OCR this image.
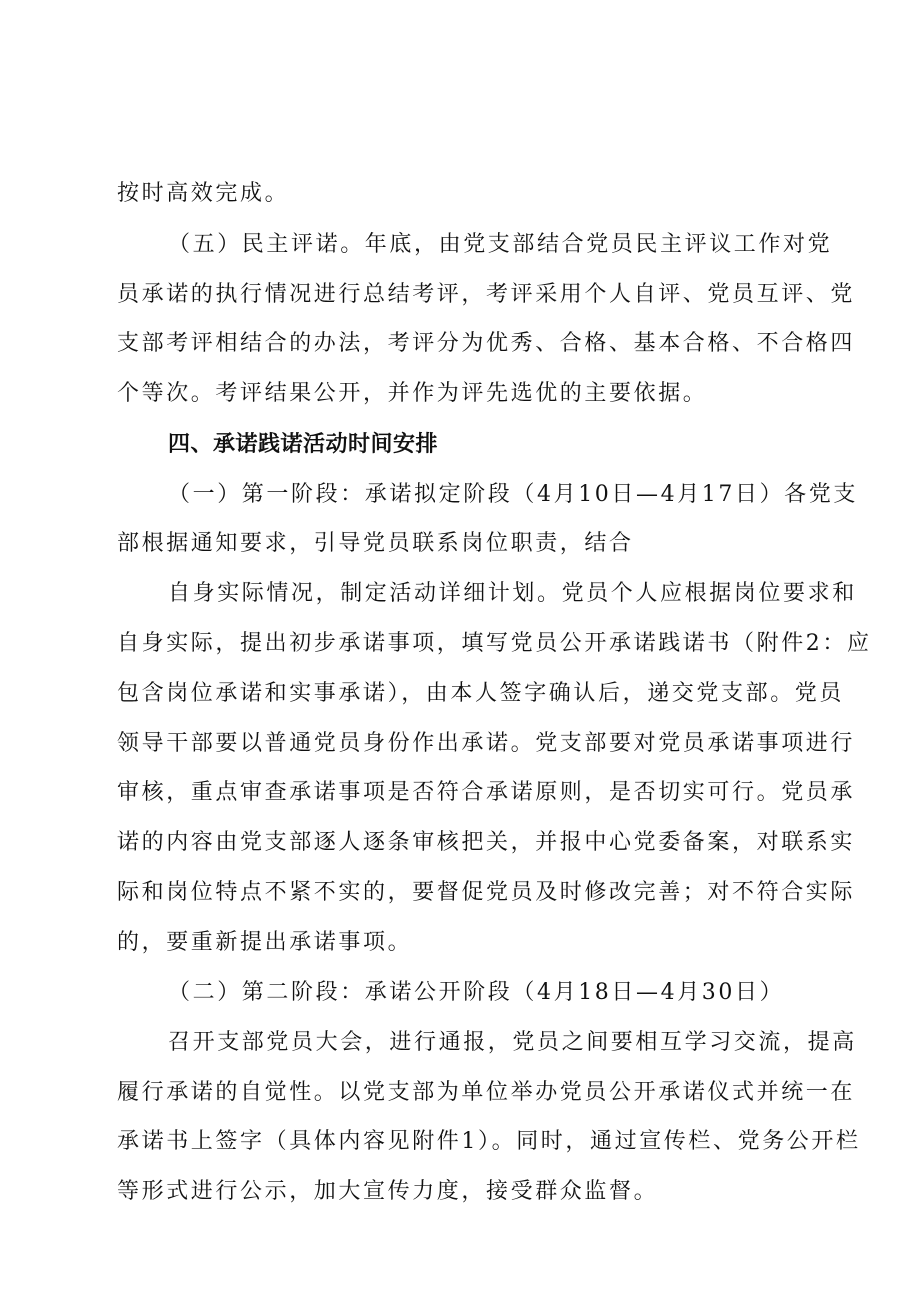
按时高效完成。
（五）民主评诺。年底，由党支部结合党员民主评议工作对党
员承诺的执行情况进行总结考评，考评采用个人自评、党员互评、党
支部考评相结合的办法，考评分为优秀、合格、基本合格、不合格四
个等次。考评结果公开，并作为评先选优的主要依据。
四、承诺践诺活动时间安排
（一）第一阶段：承诺拟定阶段（4月10日—4月17日）各党支
部根据通知要求，引导党员联系岗位职责，结合
自身实际情况，制定活动详细计划。党员个人应根据岗位要求和
自身实际，提出初步承诺事项，填写党员公开承诺践诺书（附件2：应
包含岗位承诺和实事承诺），由本人签字确认后，递交党支部。党员
领导干部要以普通党员身份作出承诺。党支部要对党员承诺事项进行
审核，重点审查承诺事项是否符合承诺原则，是否切实可行。党员承
诺的内容由党支部逐人逐条审核把关，并报中心党委备案，对联系实
际和岗位特点不紧不实的，要督促党员及时修改完善；对不符合实际
的，要重新提出承诺事项。
（二）第二阶段：承诺公开阶段（4月18日—4月30日）
召开支部党员大会，进行通报，党员之间要相互学习交流，提高
履行承诺的自觉性。以党支部为单位举办党员公开承诺仪式并统一在
承诺书上签字（具体内容见附件1）。同时，通过宣传栏、党务公开栏
等形式进行公示，加大宣传力度，接受群众监督。
